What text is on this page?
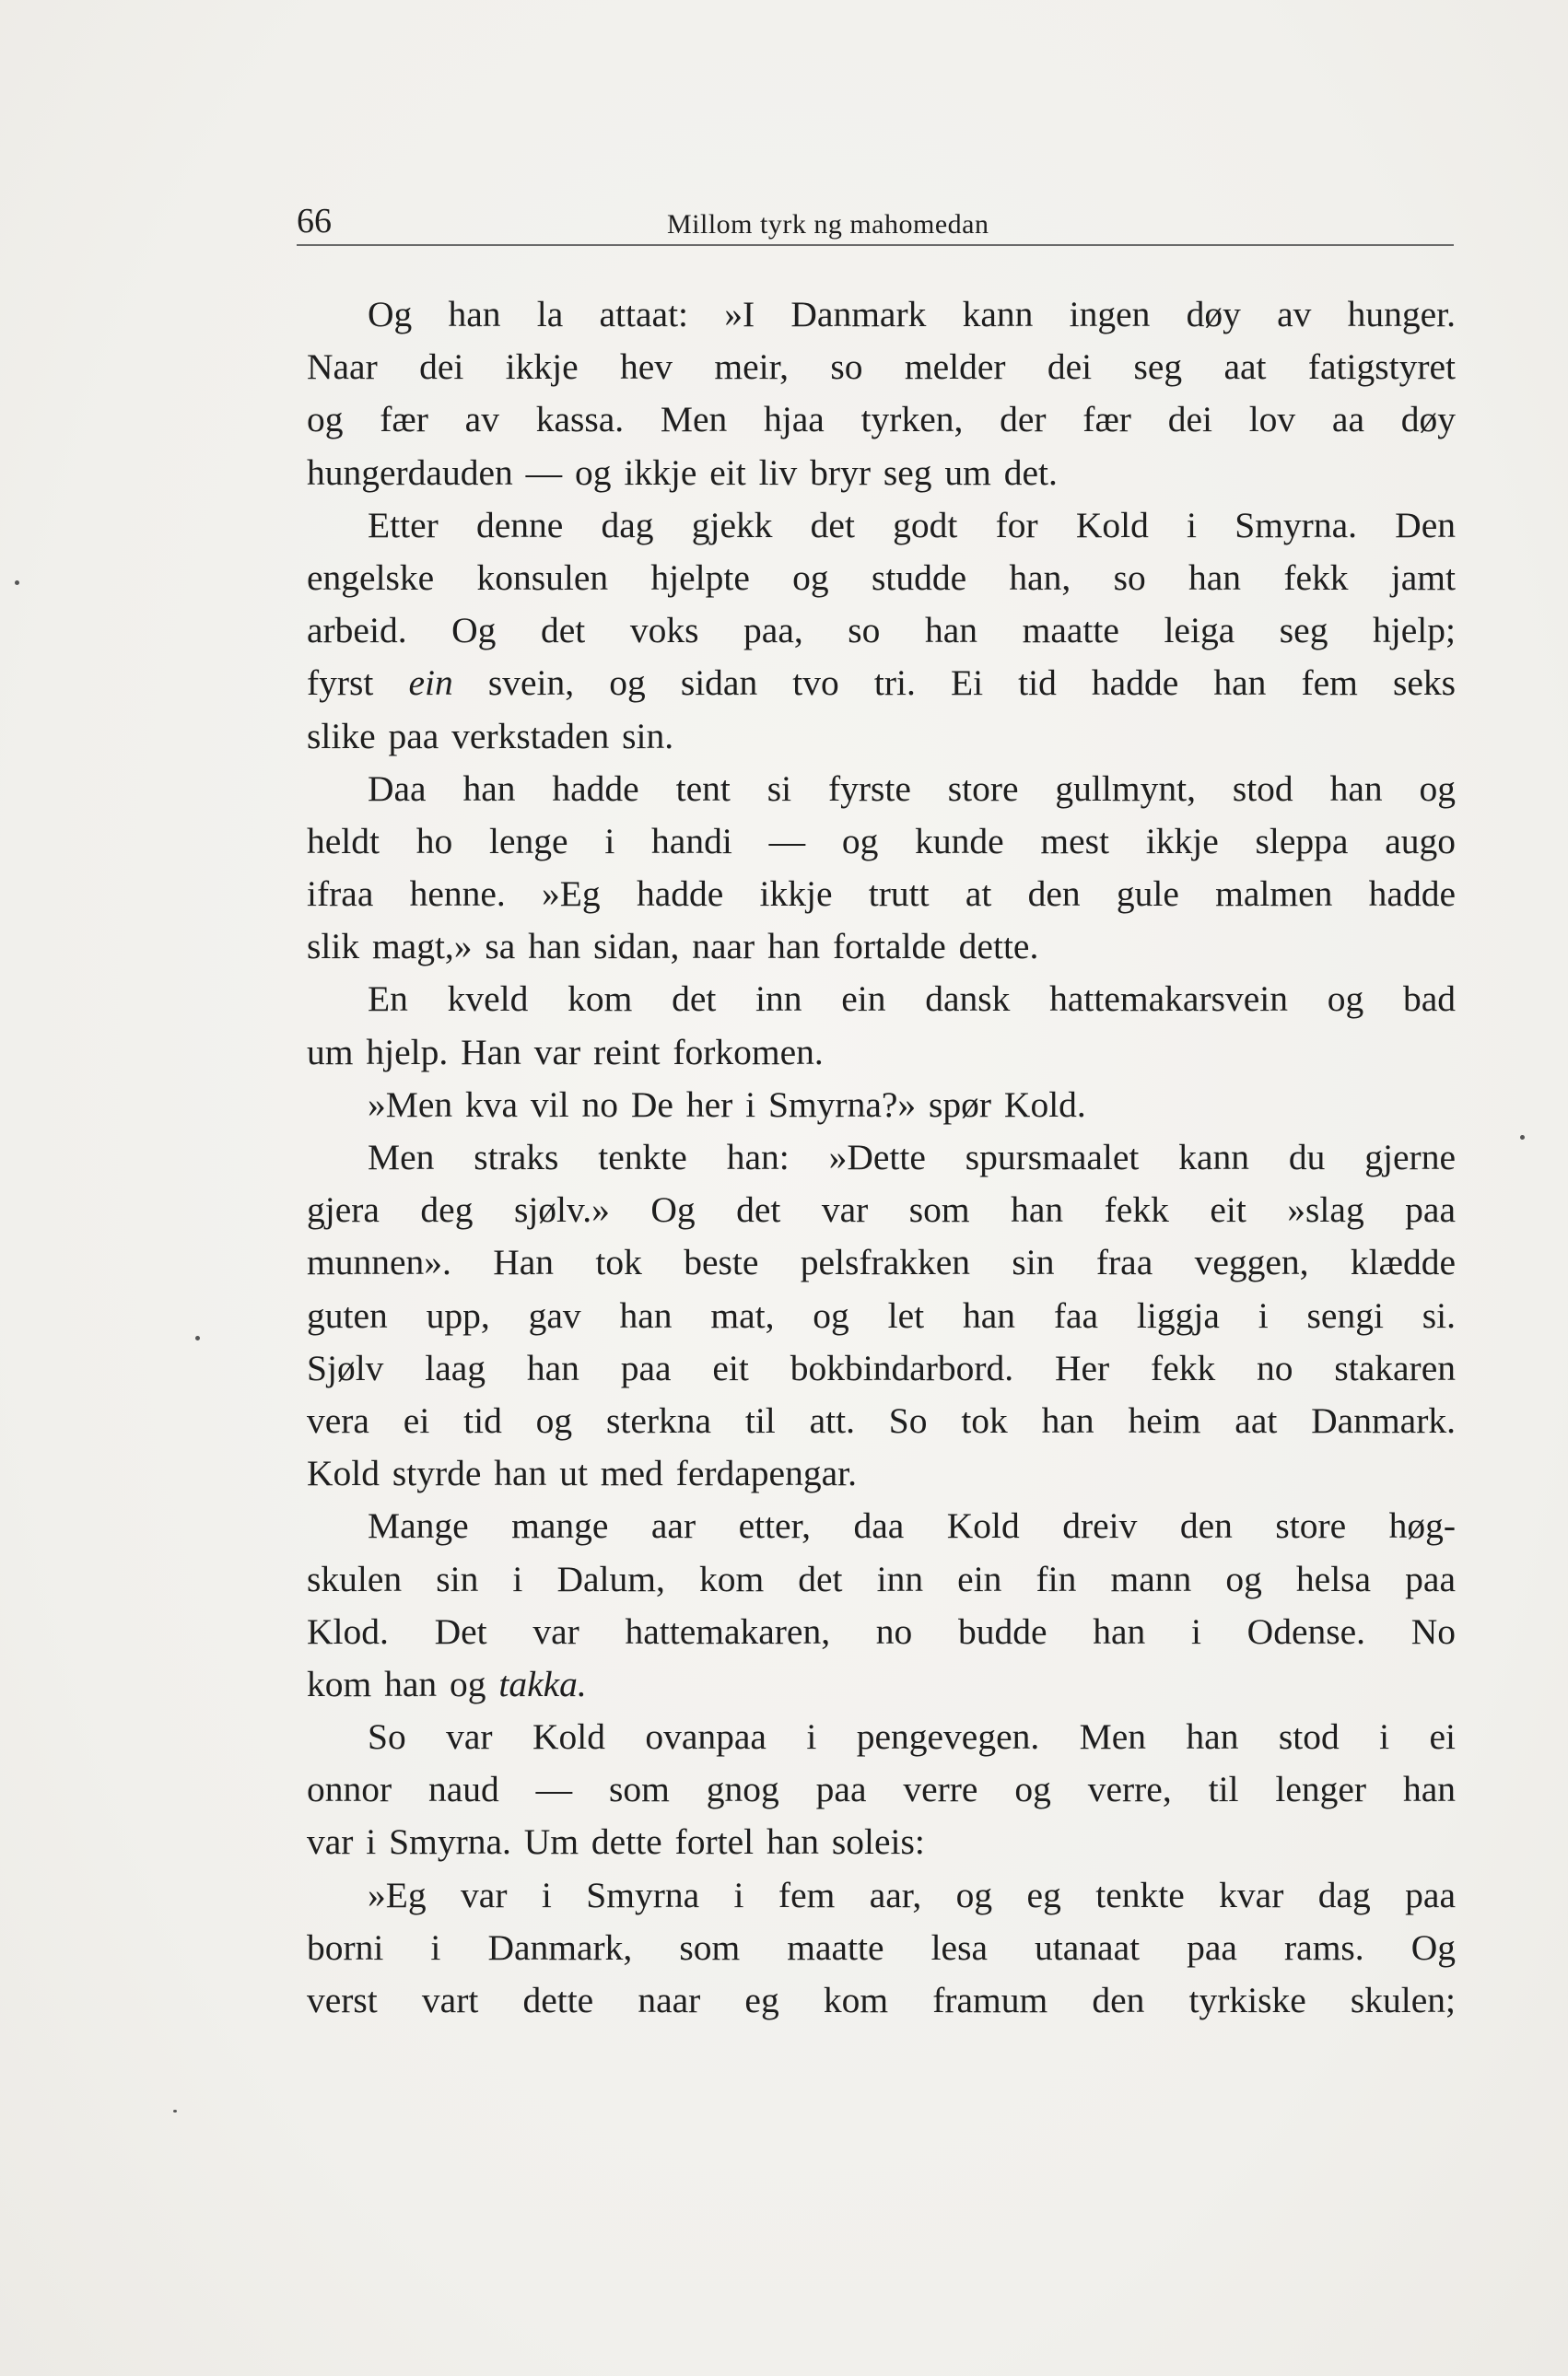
66	Millom tyrk ng mahomedan
Og han la attaat: »I Danmark kann ingen døy av hunger.
Naar dei ikkje hev meir, so melder dei seg aat fatigstyret
og fær av kassa. Men hjaa tyrken, der fær dei lov aa døy
hungerdauden — og ikkje eit liv bryr seg um det.
Etter denne dag gjekk det godt for Kold i Smyrna. Den
engelske konsulen hjelpte og studde han, so han fekk jamt
arbeid. Og det voks paa, so han maatte leiga seg hjelp;
fyrst ein svein, og sidan tvo tri. Ei tid hadde han fem seks
slike paa verkstaden sin.
Daa han hadde tent si fyrste store gullmynt, stod han og
heldt ho lenge i handi — og kunde mest ikkje sleppa augo
ifraa henne. »Eg hadde ikkje trutt at den gule malmen hadde
slik magt,» sa han sidan, naar han fortalde dette.
En kveld kom det inn ein dansk hattemakarsvein og bad
um hjelp. Han var reint forkomen.
»Men kva vil no De her i Smyrna?» spør Kold.
Men straks tenkte han: »Dette spursmaalet kann du gjerne
gjera deg sjølv.» Og det var som han fekk eit »slag paa
munnen». Han tok beste pelsfrakken sin fraa veggen, klædde
guten upp, gav han mat, og let han faa liggja i sengi si.
Sjølv laag han paa eit bokbindarbord. Her fekk no stakaren
vera ei tid og sterkna til att. So tok han heim aat Danmark.
Kold styrde han ut med ferdapengar.
Mange mange aar etter, daa Kold dreiv den store høg-
skulen sin i Dalum, kom det inn ein fin mann og helsa paa
Klod. Det var hattemakaren, no budde han i Odense. No
kom han og takka.
So var Kold ovanpaa i pengevegen. Men han stod i ei
onnor naud — som gnog paa verre og verre, til lenger han
var i Smyrna. Um dette fortel han soleis:
»Eg var i Smyrna i fem aar, og eg tenkte kvar dag paa
borni i Danmark, som maatte lesa utanaat paa rams. Og
verst vart dette naar eg kom framum den tyrkiske skulen;
